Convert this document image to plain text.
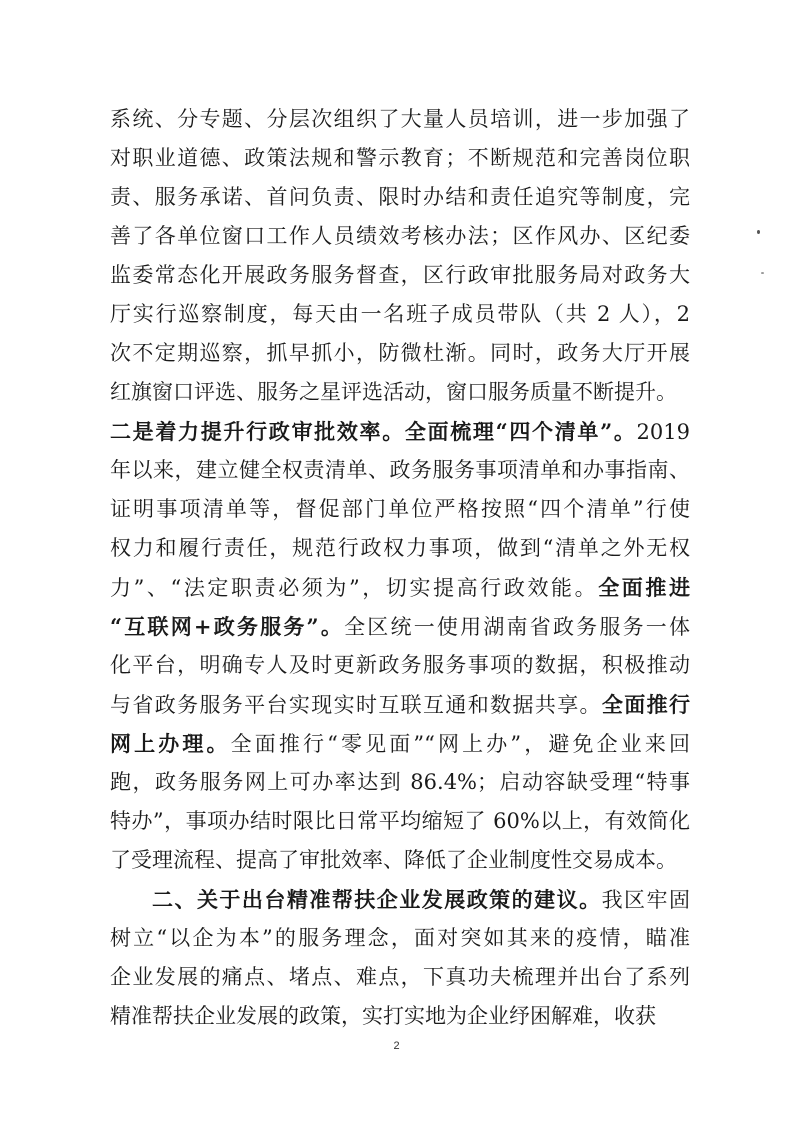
系统、分专题、分层次组织了大量人员培训，进一步加强了
对职业道德、政策法规和警示教育；不断规范和完善岗位职
责、服务承诺、首问负责、限时办结和责任追究等制度，完
善了各单位窗口工作人员绩效考核办法；区作风办、区纪委
监委常态化开展政务服务督查，区行政审批服务局对政务大
厅实行巡察制度，每天由一名班子成员带队（共 2 人），2
次不定期巡察，抓早抓小，防微杜渐。同时，政务大厅开展
红旗窗口评选、服务之星评选活动，窗口服务质量不断提升。
二是着力提升行政审批效率。全面梳理“四个清单”。2019
年以来，建立健全权责清单、政务服务事项清单和办事指南、
证明事项清单等，督促部门单位严格按照“四个清单”行使
权力和履行责任，规范行政权力事项，做到“清单之外无权
力”、“法定职责必须为”，切实提高行政效能。全面推进
“互联网+政务服务”。全区统一使用湖南省政务服务一体
化平台，明确专人及时更新政务服务事项的数据，积极推动
与省政务服务平台实现实时互联互通和数据共享。全面推行
网上办理。全面推行“零见面”“网上办”，避免企业来回
跑，政务服务网上可办率达到 86.4%；启动容缺受理“特事
特办”，事项办结时限比日常平均缩短了 60%以上，有效简化
了受理流程、提高了审批效率、降低了企业制度性交易成本。
二、关于出台精准帮扶企业发展政策的建议。我区牢固
树立“以企为本”的服务理念，面对突如其来的疫情，瞄准
企业发展的痛点、堵点、难点，下真功夫梳理并出台了系列
精准帮扶企业发展的政策，实打实地为企业纾困解难，收获
2
